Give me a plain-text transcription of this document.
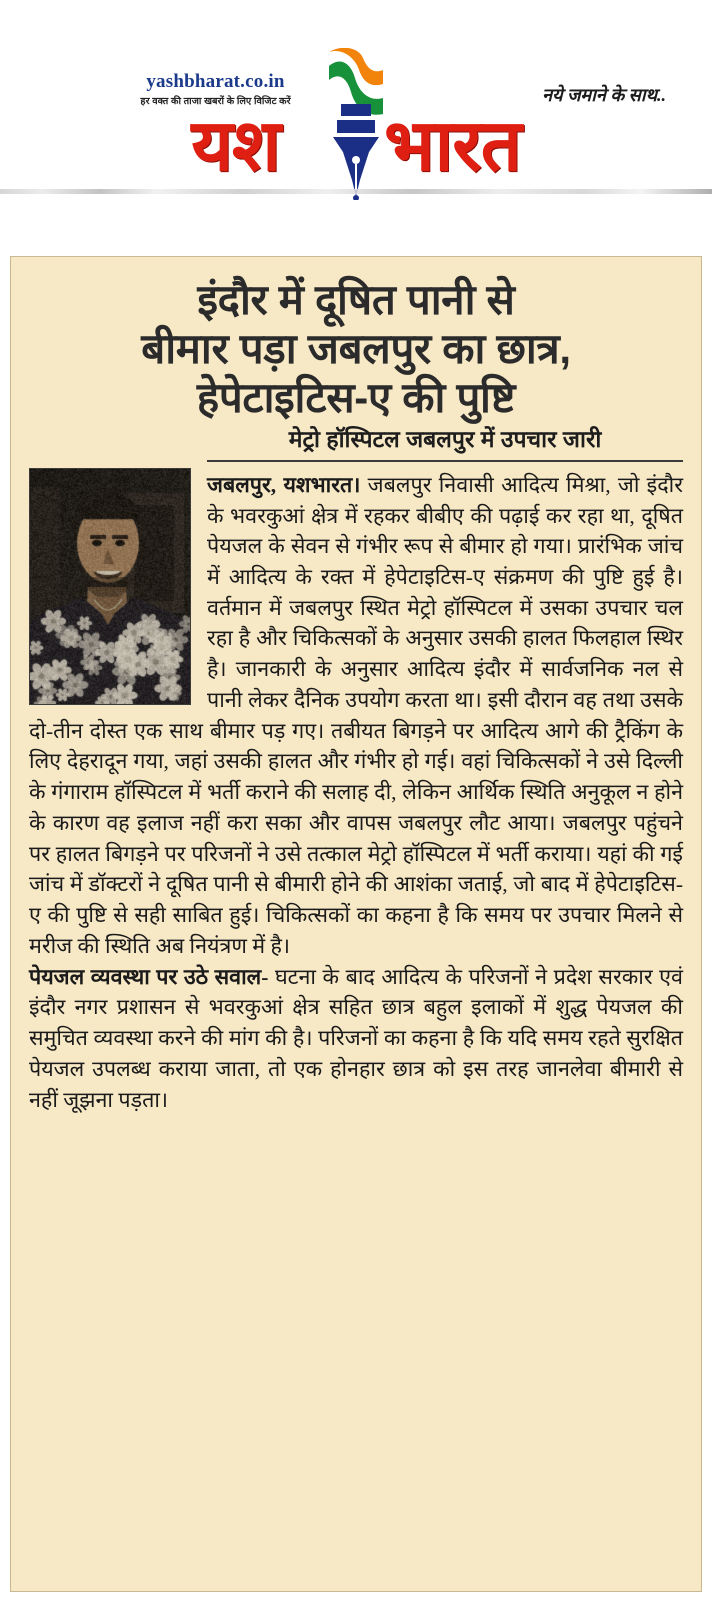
yashbharat.co.in
हर वक्त की ताजा खबरों के लिए विजिट करें	नये जमाने के साथ..
यश भारत
इंदौर में दूषित पानी से
बीमार पड़ा जबलपुर का छात्र,
हेपेटाइटिस-ए की पुष्टि
मेट्रो हॉस्पिटल जबलपुर में उपचार जारी

जबलपुर, यशभारत। जबलपुर निवासी आदित्य मिश्रा, जो इंदौर के भवरकुआं क्षेत्र में रहकर बीबीए की पढ़ाई कर रहा था, दूषित पेयजल के सेवन से गंभीर रूप से बीमार हो गया। प्रारंभिक जांच में आदित्य के रक्त में हेपेटाइटिस-ए संक्रमण की पुष्टि हुई है। वर्तमान में जबलपुर स्थित मेट्रो हॉस्पिटल में उसका उपचार चल रहा है और चिकित्सकों के अनुसार उसकी हालत फिलहाल स्थिर है। जानकारी के अनुसार आदित्य इंदौर में सार्वजनिक नल से पानी लेकर दैनिक उपयोग करता था। इसी दौरान वह तथा उसके दो-तीन दोस्त एक साथ बीमार पड़ गए। तबीयत बिगड़ने पर आदित्य आगे की ट्रैकिंग के लिए देहरादून गया, जहां उसकी हालत और गंभीर हो गई। वहां चिकित्सकों ने उसे दिल्ली के गंगाराम हॉस्पिटल में भर्ती कराने की सलाह दी, लेकिन आर्थिक स्थिति अनुकूल न होने के कारण वह इलाज नहीं करा सका और वापस जबलपुर लौट आया। जबलपुर पहुंचने पर हालत बिगड़ने पर परिजनों ने उसे तत्काल मेट्रो हॉस्पिटल में भर्ती कराया। यहां की गई जांच में डॉक्टरों ने दूषित पानी से बीमारी होने की आशंका जताई, जो बाद में हेपेटाइटिस-ए की पुष्टि से सही साबित हुई। चिकित्सकों का कहना है कि समय पर उपचार मिलने से मरीज की स्थिति अब नियंत्रण में है।

पेयजल व्यवस्था पर उठे सवाल- घटना के बाद आदित्य के परिजनों ने प्रदेश सरकार एवं इंदौर नगर प्रशासन से भवरकुआं क्षेत्र सहित छात्र बहुल इलाकों में शुद्ध पेयजल की समुचित व्यवस्था करने की मांग की है। परिजनों का कहना है कि यदि समय रहते सुरक्षित पेयजल उपलब्ध कराया जाता, तो एक होनहार छात्र को इस तरह जानलेवा बीमारी से नहीं जूझना पड़ता।
